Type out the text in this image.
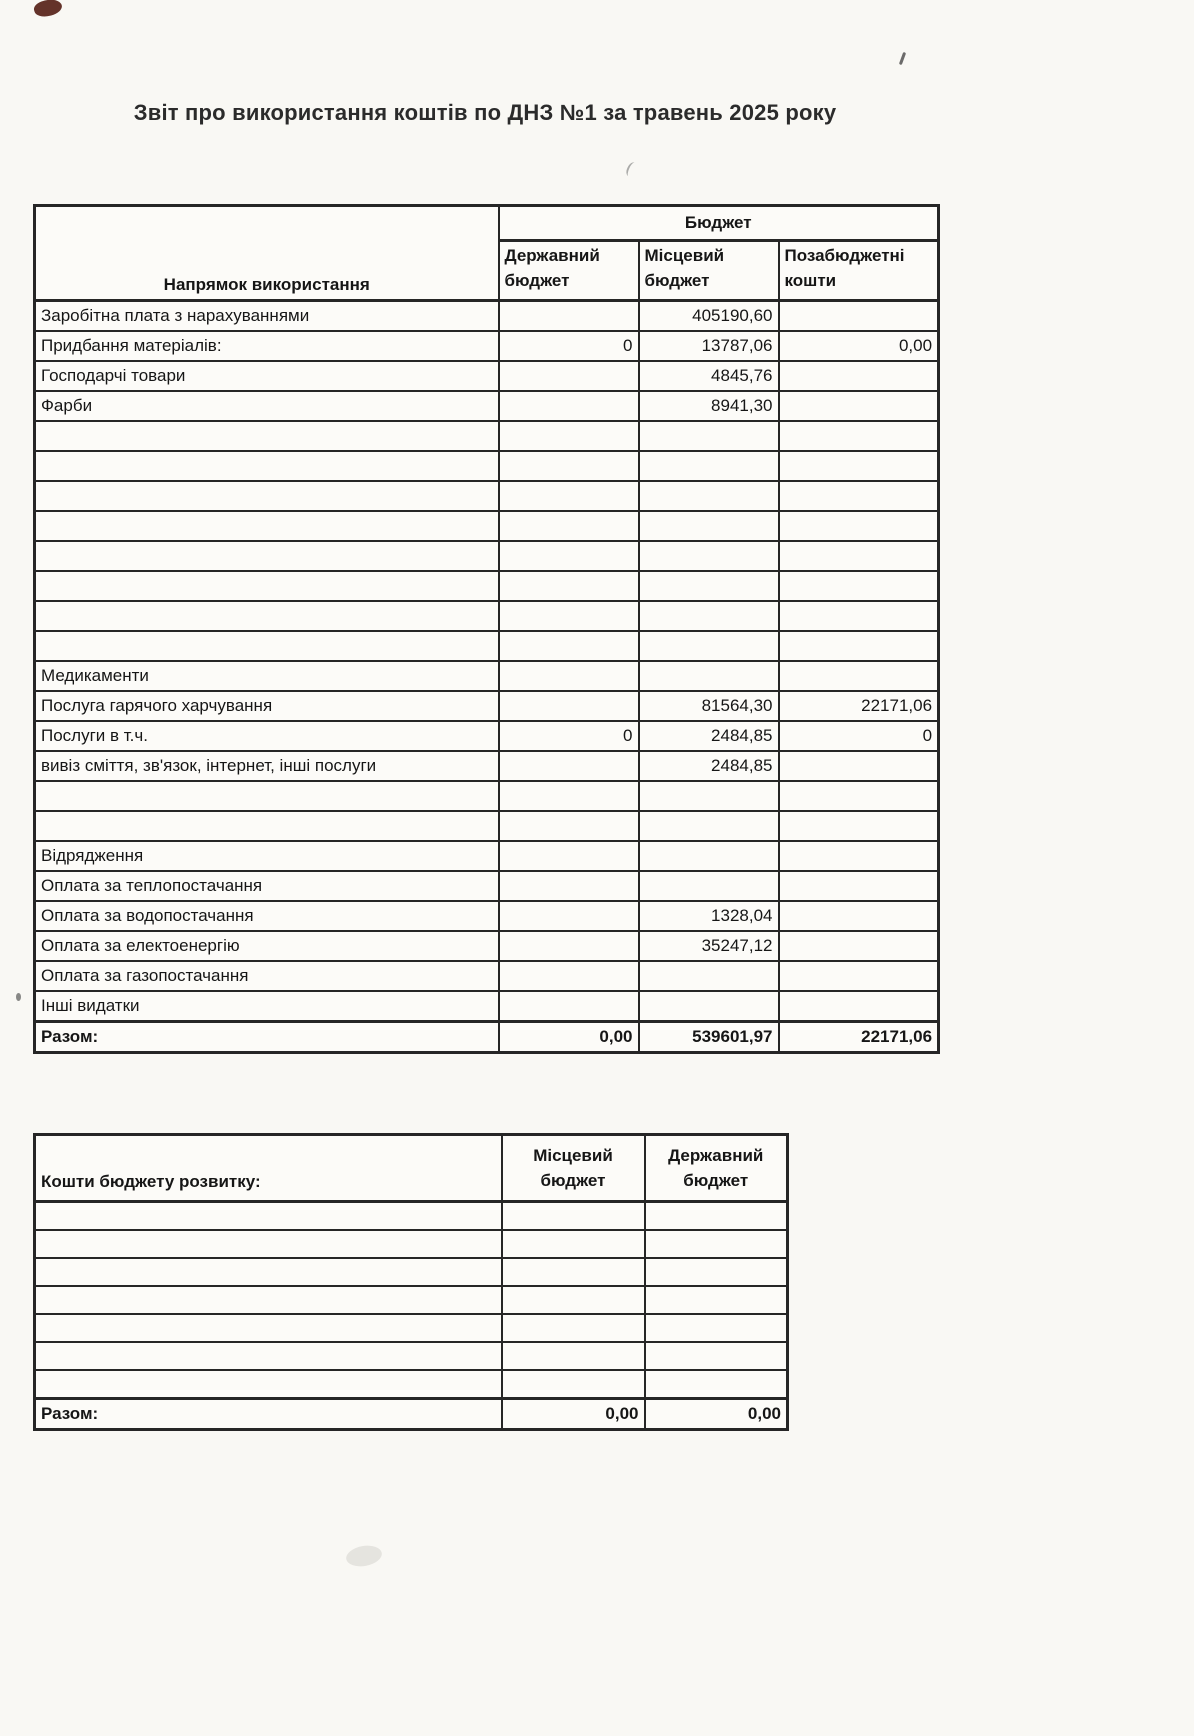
Звіт про використання коштів по ДНЗ №1 за травень 2025 року
Напрямок використання	Бюджет		
	Державний бюджет	Місцевий бюджет	Позабюджетні кошти
Заробітна плата з нарахуваннями		405190,60	
Придбання матеріалів:	0	13787,06	0,00
Господарчі товари		4845,76	
Фарби		8941,30	

Медикаменти			
Послуга гарячого харчування		81564,30	22171,06
Послуги в т.ч.	0	2484,85	0
вивіз сміття, зв'язок, інтернет, інші послуги		2484,85	

Відрядження			
Оплата за теплопостачання			
Оплата за водопостачання		1328,04	
Оплата за електоенергію		35247,12	
Оплата за газопостачання			
Інші видатки			
Разом:	0,00	539601,97	22171,06
Кошти бюджету розвитку:	Місцевий бюджет	Державний бюджет

Разом:	0,00	0,00
